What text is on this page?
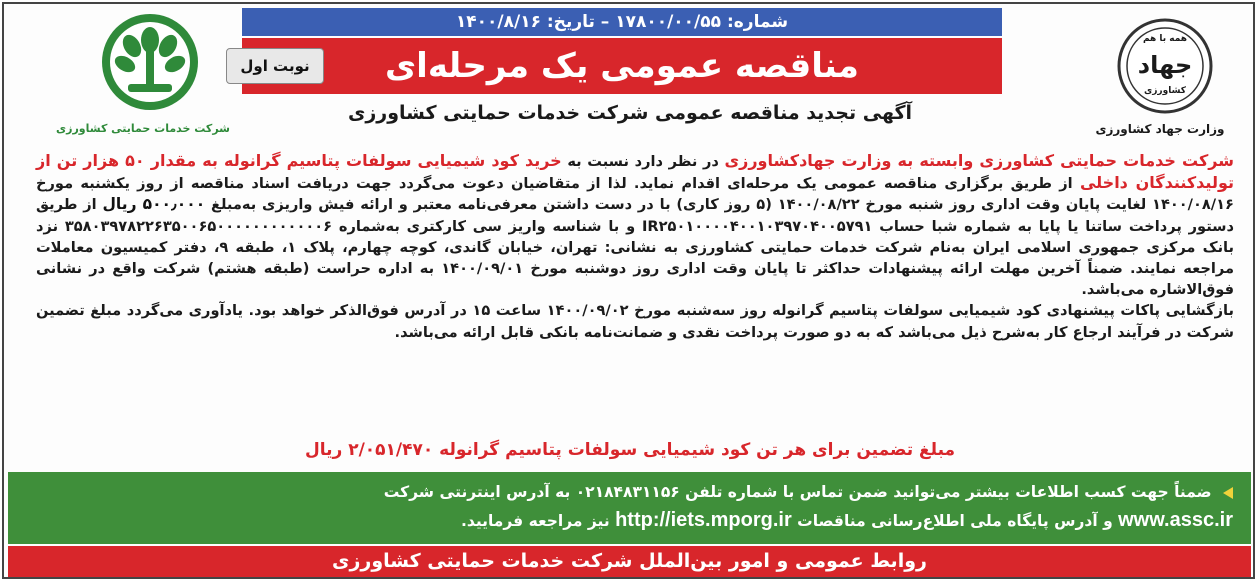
شرکت خدمات حمایتی کشاورزی
همه با هم
جهاد
کشاورزی
وزارت جهاد کشاورزی
شماره: ۱۷۸۰۰/۰۰/۵۵ – تاریخ: ۱۴۰۰/۸/۱۶
مناقصه عمومی یک مرحله‌ای
نوبت اول
آگهی تجدید مناقصه عمومی شرکت خدمات حمایتی کشاورزی
شرکت خدمات حمایتی کشاورزی وابسته به وزارت جهادکشاورزی در نظر دارد نسبت به خرید کود شیمیایی سولفات پتاسیم گرانوله به مقدار ۵۰ هزار تن از تولیدکنندگان داخلی از طریق برگزاری مناقصه عمومی یک مرحله‌ای اقدام نماید. لذا از متقاضیان دعوت می‌گردد جهت دریافت اسناد مناقصه از روز یکشنبه مورخ ۱۴۰۰/۰۸/۱۶ لغایت پایان وقت اداری روز شنبه مورخ ۱۴۰۰/۰۸/۲۲ (۵ روز کاری) با در دست داشتن معرفی‌نامه معتبر و ارائه فیش واریزی به‌مبلغ ۵۰۰٫۰۰۰ ریال از طریق دستور پرداخت ساتنا یا پایا به شماره شبا حساب IR۲۵۰۱۰۰۰۰۴۰۰۱۰۳۹۷۰۴۰۰۵۷۹۱ و با شناسه واریز سی کارکتری به‌شماره ۳۵۸۰۳۹۷۸۲۲۶۳۵۰۰۶۵۰۰۰۰۰۰۰۰۰۰۰۰۶ نزد بانک مرکزی جمهوری اسلامی ایران به‌نام شرکت خدمات حمایتی کشاورزی به نشانی: تهران، خیابان گاندی، کوچه چهارم، پلاک ۱، طبقه ۹، دفتر کمیسیون معاملات مراجعه نمایند. ضمناً آخرین مهلت ارائه پیشنهادات حداکثر تا پایان وقت اداری روز دوشنبه مورخ ۱۴۰۰/۰۹/۰۱ به اداره حراست (طبقه هشتم) شرکت واقع در نشانی فوق‌الاشاره می‌باشد.
بازگشایی پاکات پیشنهادی کود شیمیایی سولفات پتاسیم گرانوله روز سه‌شنبه مورخ ۱۴۰۰/۰۹/۰۲ ساعت ۱۵ در آدرس فوق‌الذکر خواهد بود. یادآوری می‌گردد مبلغ تضمین شرکت در فرآیند ارجاع کار به‌شرح ذیل می‌باشد که به دو صورت پرداخت نقدی و ضمانت‌نامه بانکی قابل ارائه می‌باشد.
مبلغ تضمین برای هر تن کود شیمیایی سولفات پتاسیم گرانوله ۲/۰۵۱/۴۷۰ ریال
ضمناً جهت کسب اطلاعات بیشتر می‌توانید ضمن تماس با شماره تلفن ۰۲۱۸۴۸۳۱۱۵۶ به آدرس اینترنتی شرکت
www.assc.ir و آدرس پایگاه ملی اطلاع‌رسانی مناقصات http://iets.mporg.ir نیز مراجعه فرمایید.
روابط عمومی و امور بین‌الملل شرکت خدمات حمایتی کشاورزی
